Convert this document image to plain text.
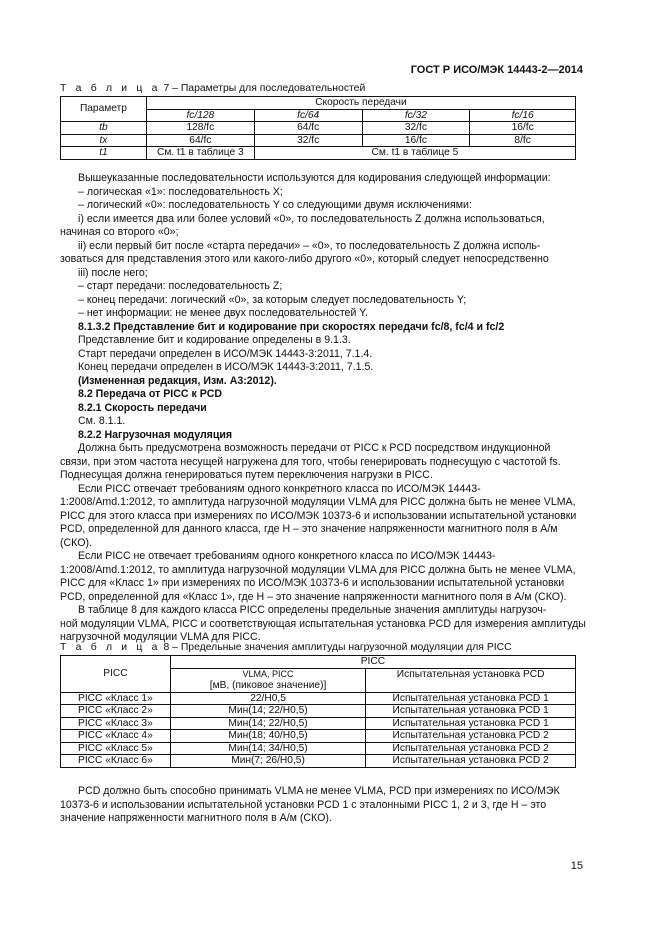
ГОСТ Р ИСО/МЭК 14443-2—2014
Т а б л и ц а 7 – Параметры для последовательностей
Параметр	Скорость передачи			
	fc/128	fc/64	fc/32	fc/16
tb	128/fc	64/fc	32/fc	16/fc
tx	64/fc	32/fc	16/fc	8/fc
t1	См. t1 в таблице 3	См. t1 в таблице 5		
Вышеуказанные последовательности используются для кодирования следующей информации:
– логическая «1»: последовательность X;
– логический «0»: последовательность Y со следующими двумя исключениями:
i) если имеется два или более условий «0», то последовательность Z должна использоваться,
начиная со второго «0»;
ii) если первый бит после «старта передачи» – «0», то последовательность Z должна исполь-
зоваться для представления этого или какого-либо другого «0», который следует непосредственно
iii) после него;
– старт передачи: последовательность Z;
– конец передачи: логический «0», за которым следует последовательность Y;
– нет информации: не менее двух последовательностей Y.
8.1.3.2 Представление бит и кодирование при скоростях передачи fc/8, fc/4 и fc/2
Представление бит и кодирование определены в 9.1.3.
Старт передачи определен в ИСО/МЭК 14443-3:2011, 7.1.4.
Конец передачи определен в ИСО/МЭК 14443-3:2011, 7.1.5.
(Измененная редакция, Изм. А3:2012).
8.2 Передача от PICC к PCD
8.2.1 Скорость передачи
См. 8.1.1.
8.2.2 Нагрузочная модуляция
Должна быть предусмотрена возможность передачи от PICC к PCD посредством индукционной
связи, при этом частота несущей нагружена для того, чтобы генерировать поднесущую с частотой fs.
Поднесущая должна генерироваться путем переключения нагрузки в PICC.
Если PICC отвечает требованиям одного конкретного класса по ИСО/МЭК 14443-
1:2008/Amd.1:2012, то амплитуда нагрузочной модуляции VLMA для PICC должна быть не менее VLMA,
PICC для этого класса при измерениях по ИСО/МЭК 10373-6 и использовании испытательной установки
PCD, определенной для данного класса, где H – это значение напряженности магнитного поля в А/м
(СКО).
Если PICC не отвечает требованиям одного конкретного класса по ИСО/МЭК 14443-
1:2008/Amd.1:2012, то амплитуда нагрузочной модуляции VLMA для PICC должна быть не менее VLMA,
PICC для «Класс 1» при измерениях по ИСО/МЭК 10373-6 и использовании испытательной установки
PCD, определенной для «Класс 1», где H – это значение напряженности магнитного поля в А/м (СКО).
В таблице 8 для каждого класса PICC определены предельные значения амплитуды нагрузоч-
ной модуляции VLMA, PICC и соответствующая испытательная установка PCD для измерения амплитуды
нагрузочной модуляции VLMA для PICC.
Т а б л и ц а 8 – Предельные значения амплитуды нагрузочной модуляции для PICC
PICC	PICC	

	VLMA, PICC
[мВ, (пиковое значение)]	Испытательная установка PCD
PICC «Класс 1»	22/H0,5	Испытательная установка PCD 1
PICC «Класс 2»	Мин(14; 22/H0,5)	Испытательная установка PCD 1
PICC «Класс 3»	Мин(14; 22/H0,5)	Испытательная установка PCD 1
PICC «Класс 4»	Мин(18; 40/H0,5)	Испытательная установка PCD 2
PICC «Класс 5»	Мин(14; 34/H0,5)	Испытательная установка PCD 2
PICC «Класс 6»	Мин(7; 26/H0,5)	Испытательная установка PCD 2
PCD должно быть способно принимать VLMA не менее VLMA, PCD при измерениях по ИСО/МЭК
10373-6 и использовании испытательной установки PCD 1 с эталонными PICC 1, 2 и 3, где H – это
значение напряженности магнитного поля в А/м (СКО).
15
